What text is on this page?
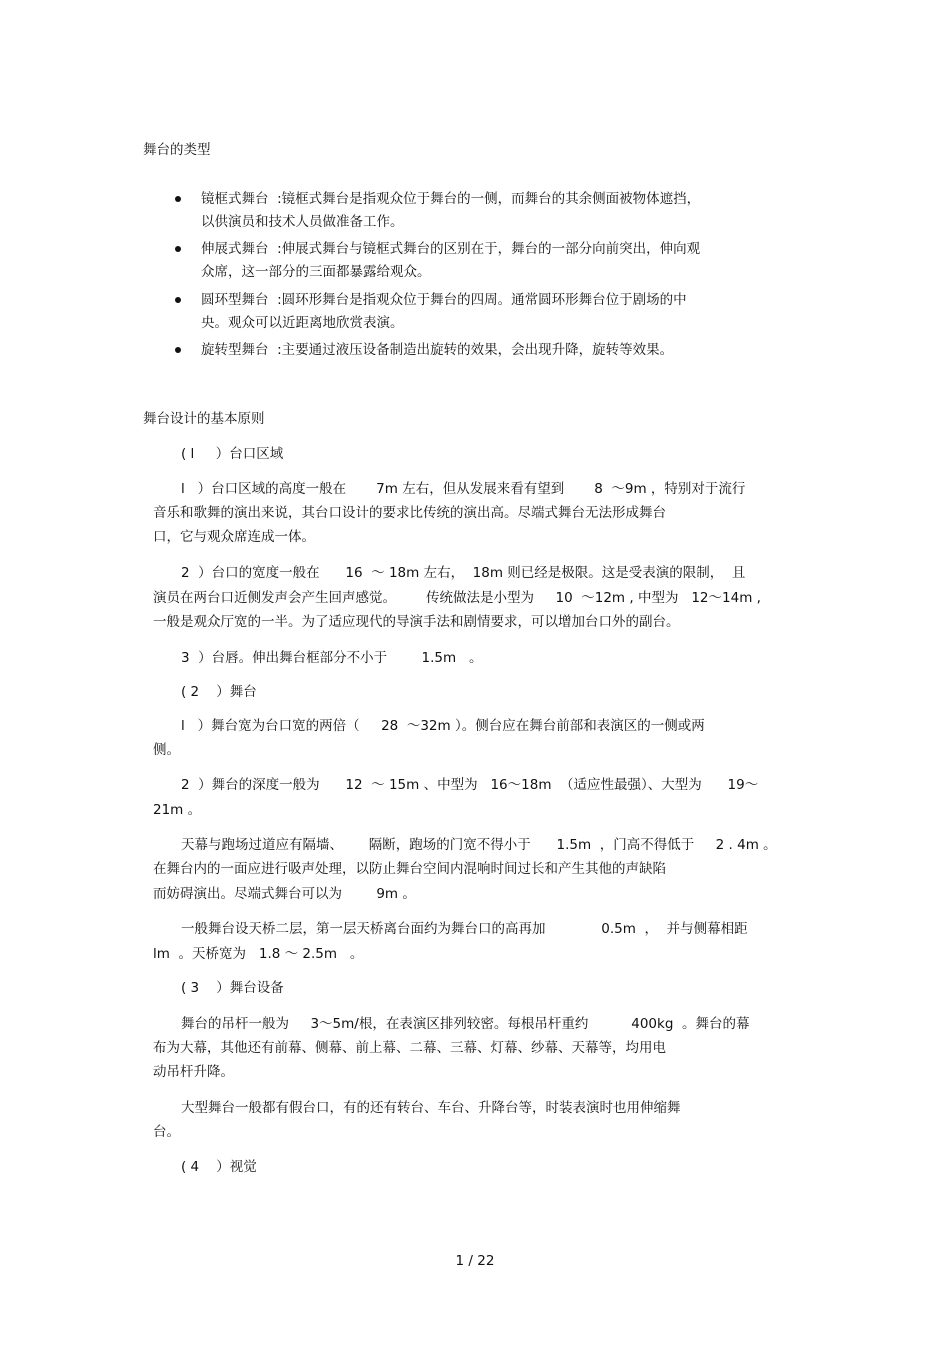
舞台的类型

镜框式舞台  :镜框式舞台是指观众位于舞台的一侧，而舞台的其余侧面被物体遮挡，

以供演员和技术人员做准备工作。

伸展式舞台  :伸展式舞台与镜框式舞台的区别在于，舞台的一部分向前突出，伸向观

众席，这一部分的三面都暴露给观众。

圆环型舞台  :圆环形舞台是指观众位于舞台的四周。通常圆环形舞台位于剧场的中

央。观众可以近距离地欣赏表演。

旋转型舞台  :主要通过液压设备制造出旋转的效果，会出现升降，旋转等效果。

舞台设计的基本原则

( l     ）台口区域

l   ）台口区域的高度一般在       7m 左右，但从发展来看有望到       8  ～9m ，特别对于流行

音乐和歌舞的演出来说，其台口设计的要求比传统的演出高。尽端式舞台无法形成舞台

口，它与观众席连成一体。

2  ）台口的宽度一般在      16  ～ 18m 左右，  18m 则已经是极限。这是受表演的限制，  且

演员在两台口近侧发声会产生回声感觉。       传统做法是小型为     10  ～12m , 中型为   12～14m ,

一般是观众厅宽的一半。为了适应现代的导演手法和剧情要求，可以增加台口外的副台。

3  ）台唇。伸出舞台框部分不小于        1.5m   。

( 2    ）舞台

l   ）舞台宽为台口宽的两倍（     28  ～32m ）。侧台应在舞台前部和表演区的一侧或两

侧。

2  ）舞台的深度一般为      12  ～ 15m 、中型为   16～18m  （适应性最强）、大型为      19～

21m 。

天幕与跑场过道应有隔墙、      隔断，跑场的门宽不得小于      1.5m  ，门高不得低于     2 . 4m 。

在舞台内的一面应进行吸声处理，以防止舞台空间内混响时间过长和产生其他的声缺陷

而妨碍演出。尽端式舞台可以为        9m 。

一般舞台设天桥二层，第一层天桥离台面约为舞台口的高再加             0.5m  ，  并与侧幕相距

lm  。天桥宽为   1.8 ～ 2.5m   。

( 3    ）舞台设备

舞台的吊杆一般为     3～5m/根，在表演区排列较密。每根吊杆重约          400kg  。舞台的幕

布为大幕，其他还有前幕、侧幕、前上幕、二幕、三幕、灯幕、纱幕、天幕等，均用电

动吊杆升降。

大型舞台一般都有假台口，有的还有转台、车台、升降台等，时装表演时也用伸缩舞

台。

( 4    ）视觉

1 / 22
